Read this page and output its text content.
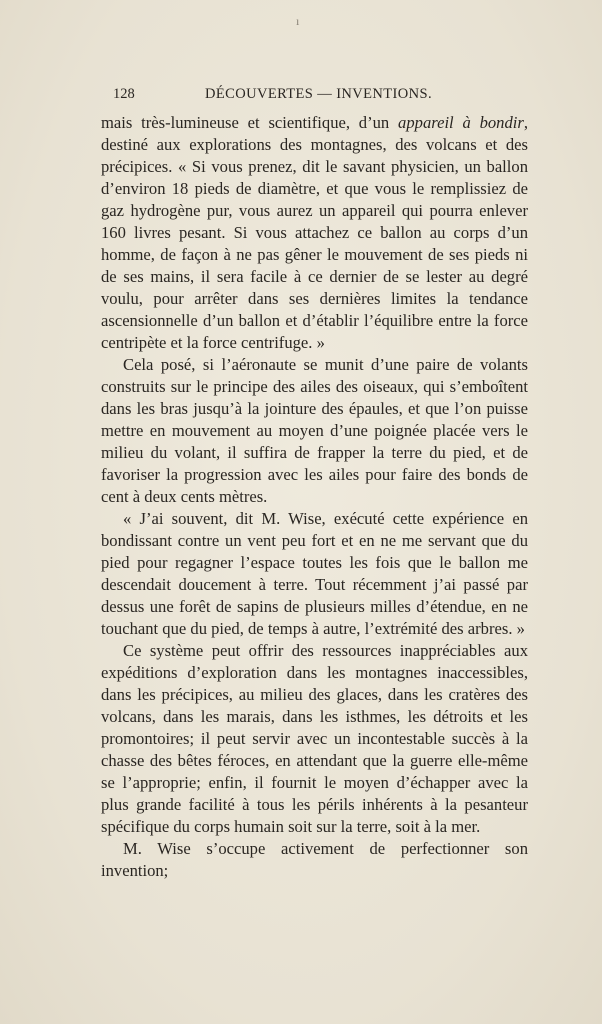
ı
128	DÉCOUVERTES — INVENTIONS.

mais très-lumineuse et scientifique, d’un appareil à bondir, destiné aux explorations des montagnes, des volcans et des précipices. « Si vous prenez, dit le savant physicien, un ballon d’environ 18 pieds de diamètre, et que vous le remplissiez de gaz hydrogène pur, vous aurez un appareil qui pourra enlever 160 livres pesant. Si vous attachez ce ballon au corps d’un homme, de façon à ne pas gêner le mouvement de ses pieds ni de ses mains, il sera facile à ce dernier de se lester au degré voulu, pour arrêter dans ses dernières limites la tendance ascensionnelle d’un ballon et d’établir l’équilibre entre la force centripète et la force centrifuge. »

Cela posé, si l’aéronaute se munit d’une paire de volants construits sur le principe des ailes des oiseaux, qui s’emboîtent dans les bras jusqu’à la jointure des épaules, et que l’on puisse mettre en mouvement au moyen d’une poignée placée vers le milieu du volant, il suffira de frapper la terre du pied, et de favoriser la progression avec les ailes pour faire des bonds de cent à deux cents mètres.

« J’ai souvent, dit M. Wise, exécuté cette expérience en bondissant contre un vent peu fort et en ne me servant que du pied pour regagner l’espace toutes les fois que le ballon me descendait doucement à terre. Tout récemment j’ai passé par dessus une forêt de sapins de plusieurs milles d’étendue, en ne touchant que du pied, de temps à autre, l’extrémité des arbres. »

Ce système peut offrir des ressources inappréciables aux expéditions d’exploration dans les montagnes inaccessibles, dans les précipices, au milieu des glaces, dans les cratères des volcans, dans les marais, dans les isthmes, les détroits et les promontoires; il peut servir avec un incontestable succès à la chasse des bêtes féroces, en attendant que la guerre elle-même se l’approprie; enfin, il fournit le moyen d’échapper avec la plus grande facilité à tous les périls inhérents à la pesanteur spécifique du corps humain soit sur la terre, soit à la mer.

M. Wise s’occupe activement de perfectionner son invention;
